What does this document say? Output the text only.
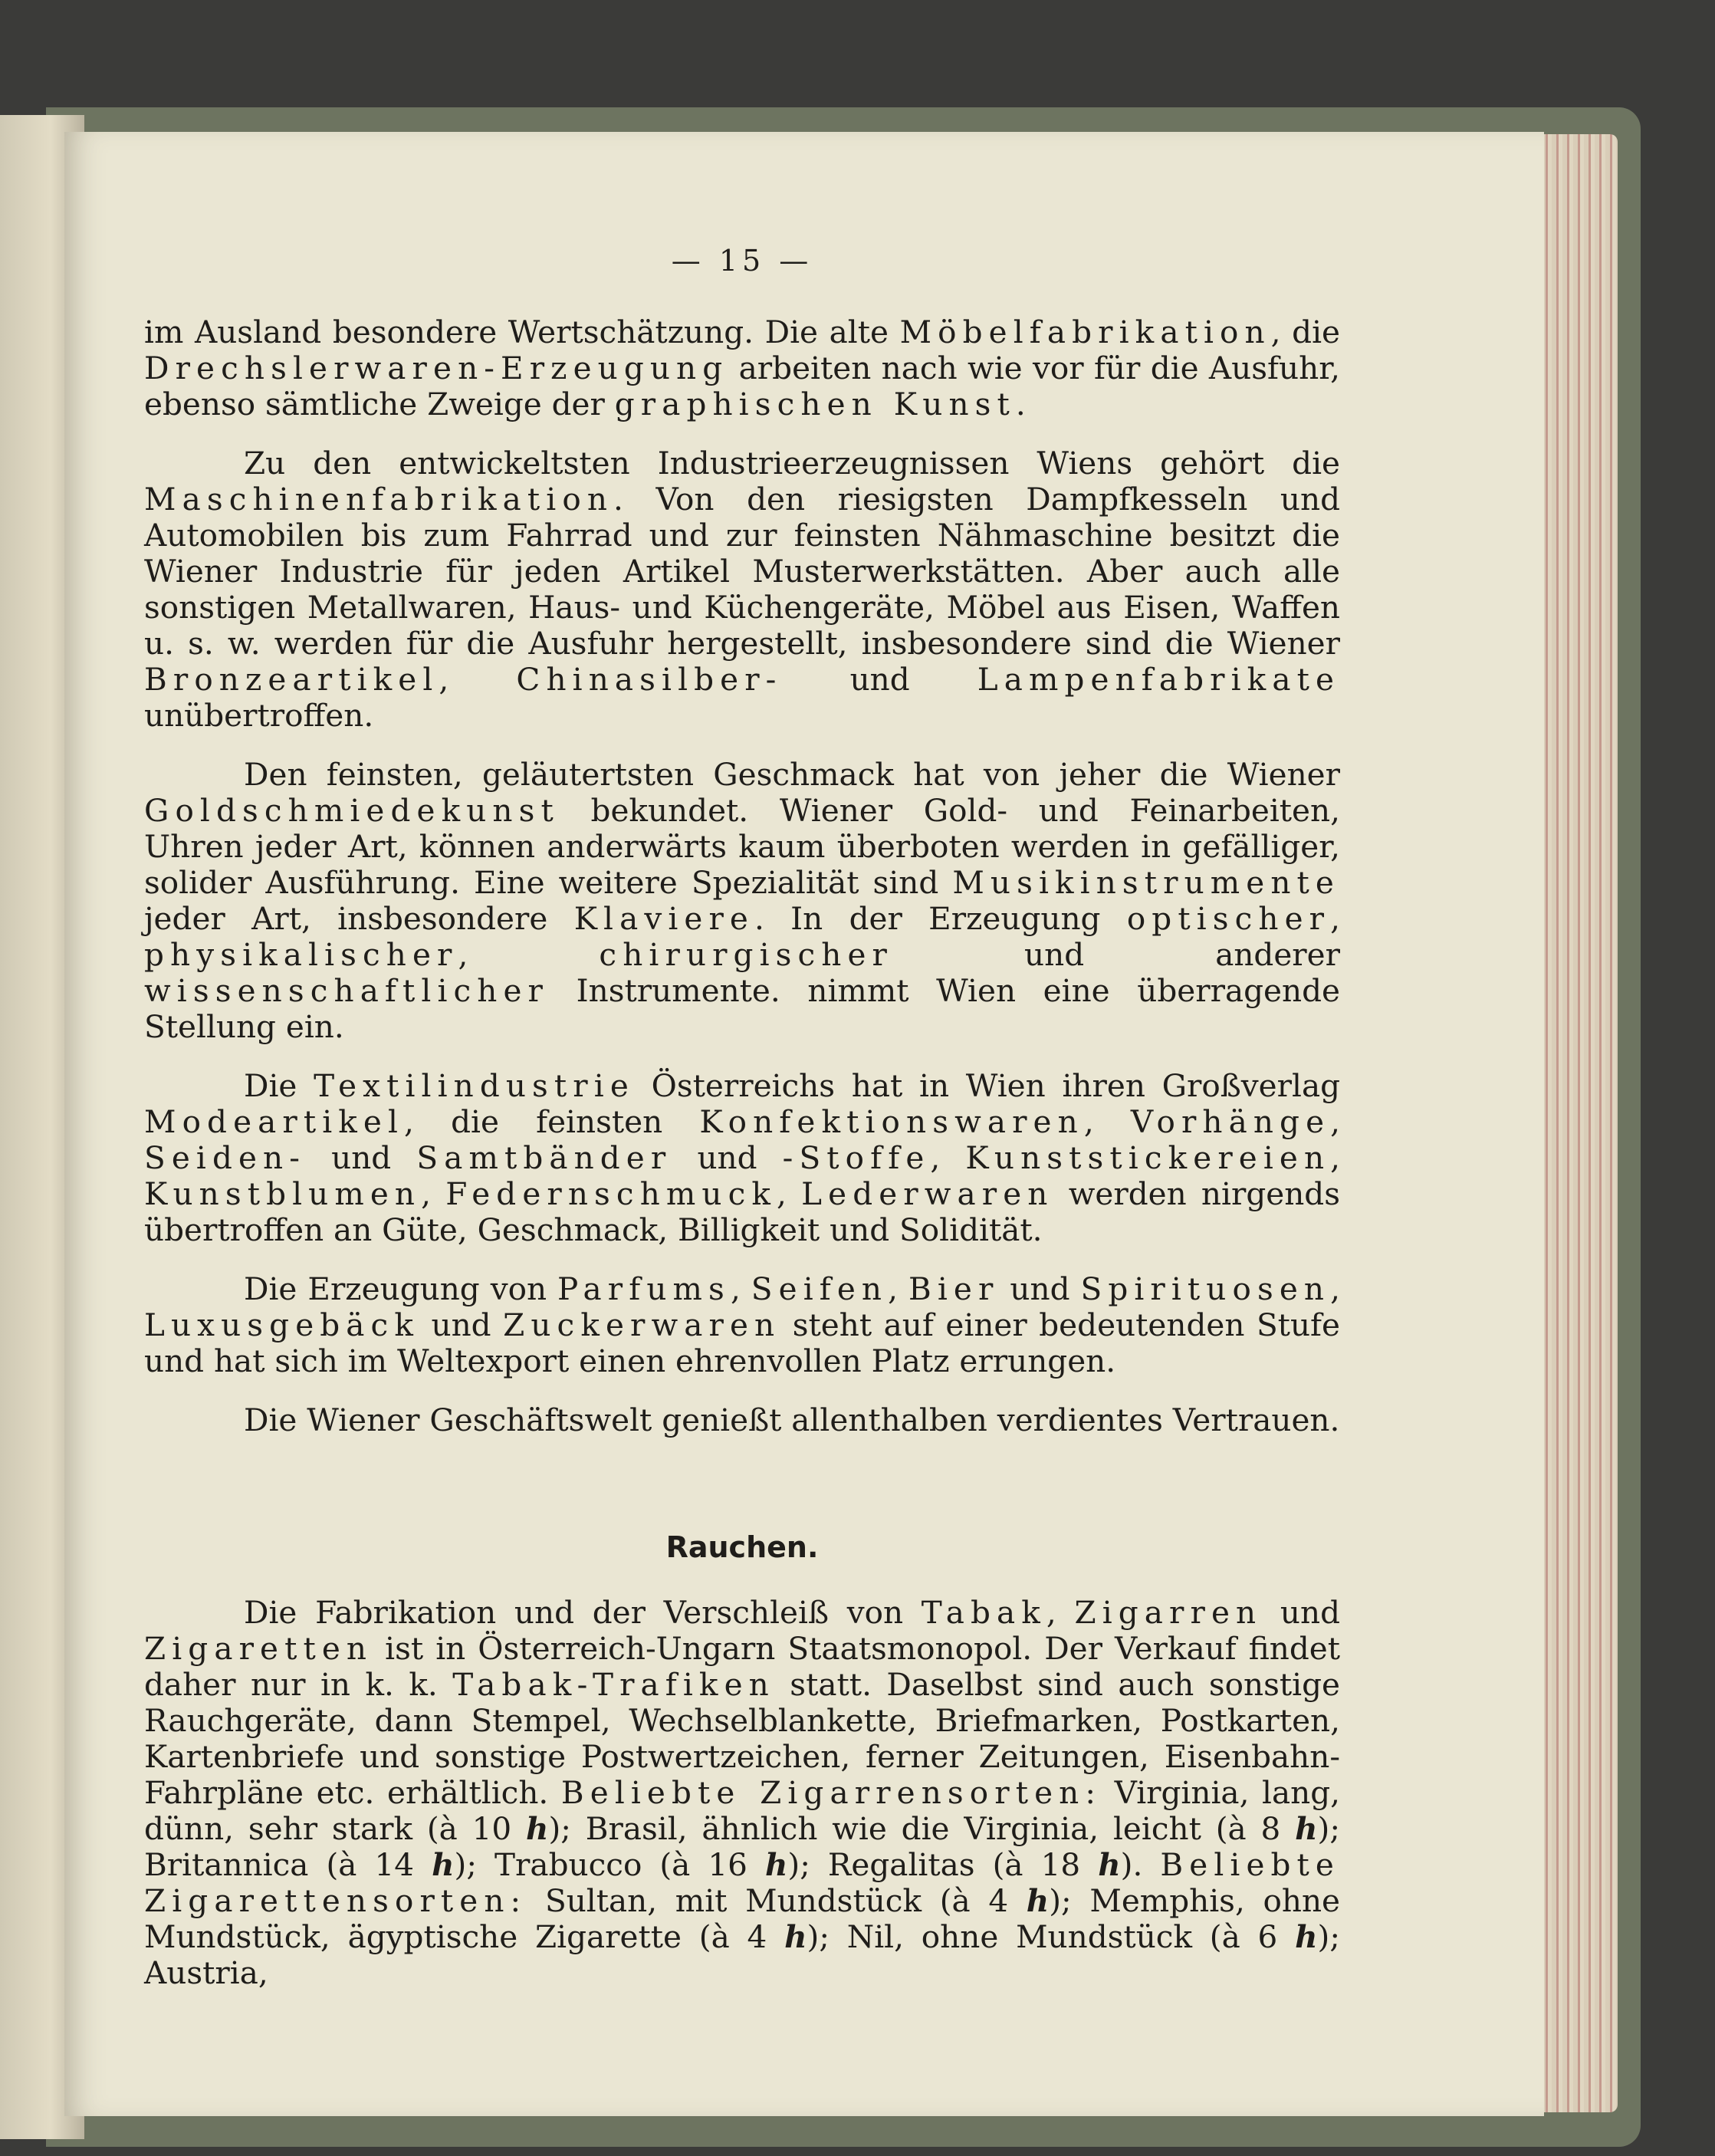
— 15 —

im Ausland besondere Wertschätzung. Die alte Möbelfabrikation, die Drechslerwaren-Erzeugung arbeiten nach wie vor für die Ausfuhr, ebenso sämtliche Zweige der graphischen Kunst.

Zu den entwickeltsten Industrieerzeugnissen Wiens gehört die Maschinenfabrikation. Von den riesigsten Dampfkesseln und Automobilen bis zum Fahrrad und zur feinsten Nähmaschine besitzt die Wiener Industrie für jeden Artikel Musterwerkstätten. Aber auch alle sonstigen Metallwaren, Haus- und Küchengeräte, Möbel aus Eisen, Waffen u. s. w. werden für die Ausfuhr hergestellt, insbesondere sind die Wiener Bronzeartikel, Chinasilber- und Lampenfabrikate unübertroffen.

Den feinsten, geläutertsten Geschmack hat von jeher die Wiener Goldschmiedekunst bekundet. Wiener Gold- und Feinarbeiten, Uhren jeder Art, können anderwärts kaum überboten werden in gefälliger, solider Ausführung. Eine weitere Spezialität sind Musikinstrumente jeder Art, insbesondere Klaviere. In der Erzeugung optischer, physikalischer, chirurgischer und anderer wissenschaftlicher Instrumente. nimmt Wien eine überragende Stellung ein.

Die Textilindustrie Österreichs hat in Wien ihren Großverlag Modeartikel, die feinsten Konfektionswaren, Vorhänge, Seiden- und Samtbänder und -Stoffe, Kunststickereien, Kunstblumen, Federnschmuck, Lederwaren werden nirgends übertroffen an Güte, Geschmack, Billigkeit und Solidität.

Die Erzeugung von Parfums, Seifen, Bier und Spirituosen, Luxusgebäck und Zuckerwaren steht auf einer bedeutenden Stufe und hat sich im Weltexport einen ehrenvollen Platz errungen.

Die Wiener Geschäftswelt genießt allenthalben verdientes Vertrauen.

Rauchen.

Die Fabrikation und der Verschleiß von Tabak, Zigarren und Zigaretten ist in Österreich-Ungarn Staatsmonopol. Der Verkauf findet daher nur in k. k. Tabak-Trafiken statt. Daselbst sind auch sonstige Rauchgeräte, dann Stempel, Wechselblankette, Briefmarken, Postkarten, Kartenbriefe und sonstige Postwertzeichen, ferner Zeitungen, Eisenbahn-Fahrpläne etc. erhältlich. Beliebte Zigarrensorten: Virginia, lang, dünn, sehr stark (à 10 h); Brasil, ähnlich wie die Virginia, leicht (à 8 h); Britannica (à 14 h); Trabucco (à 16 h); Regalitas (à 18 h). Beliebte Zigarettensorten: Sultan, mit Mundstück (à 4 h); Memphis, ohne Mundstück, ägyptische Zigarette (à 4 h); Nil, ohne Mundstück (à 6 h); Austria,
